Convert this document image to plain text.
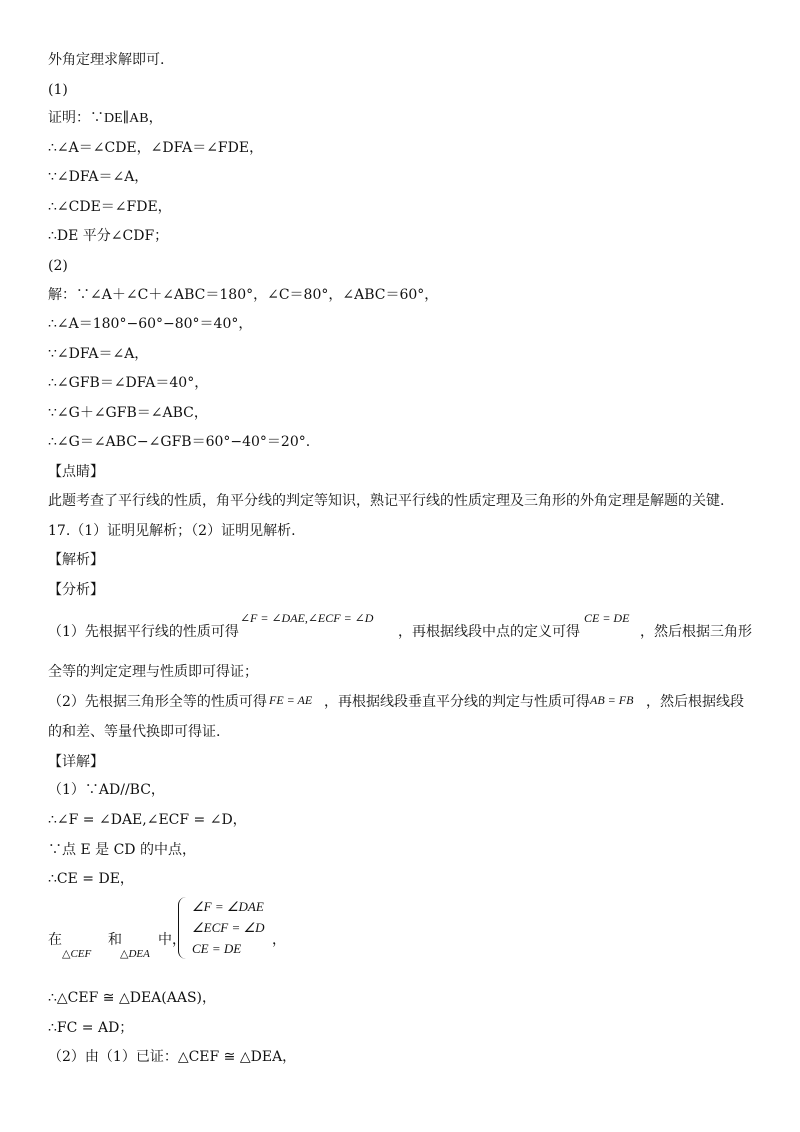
外角定理求解即可.
(1)
证明：∵DE∥AB，
∴∠A＝∠CDE，∠DFA＝∠FDE，
∵∠DFA＝∠A，
∴∠CDE＝∠FDE，
∴DE 平分∠CDF；
(2)
解：∵∠A＋∠C＋∠ABC＝180°，∠C＝80°，∠ABC＝60°，
∴∠A＝180°−60°−80°＝40°，
∵∠DFA＝∠A，
∴∠GFB＝∠DFA＝40°，
∵∠G＋∠GFB＝∠ABC，
∴∠G＝∠ABC−∠GFB＝60°−40°＝20°.
【点睛】
此题考查了平行线的性质，角平分线的判定等知识，熟记平行线的性质定理及三角形的外角定理是解题的关键.
17.（1）证明见解析；（2）证明见解析.
【解析】
【分析】
（1）先根据平行线的性质可得
∠F = ∠DAE,∠ECF = ∠D
，再根据线段中点的定义可得
CE = DE
，然后根据三角形
全等的判定定理与性质即可得证；
（2）先根据三角形全等的性质可得 FE = AE ，再根据线段垂直平分线的判定与性质可得 AB = FB ，然后根据线段
的和差、等量代换即可得证.
【详解】
（1）∵AD//BC，
∴∠F = ∠DAE,∠ECF = ∠D，
∵点 E 是 CD 的中点，
∴CE = DE，
在	和	中，
△CEF	△DEA
∠F = ∠DAE
∠ECF = ∠D
CE = DE
，
∴△CEF ≅ △DEA(AAS)，
∴FC = AD；
（2）由（1）已证：△CEF ≅ △DEA，
